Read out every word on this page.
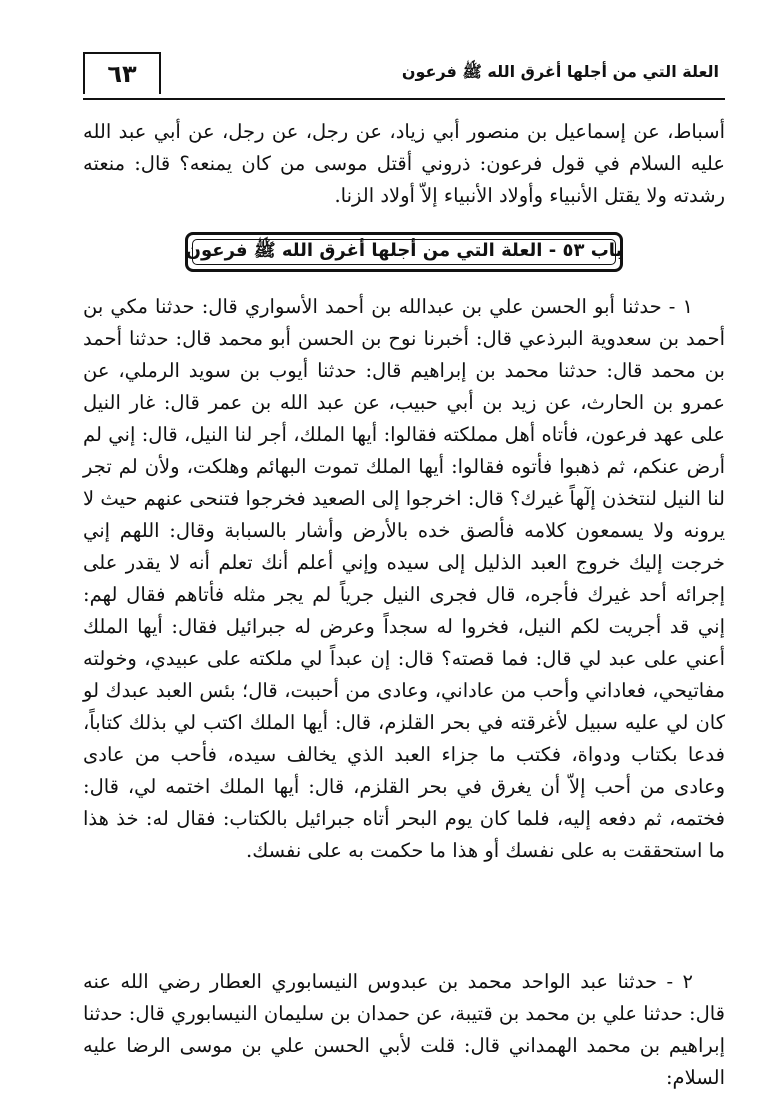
٦٣	العلة التي من أجلها أغرق الله ﷺ فرعون

أسباط، عن إسماعيل بن منصور أبي زياد، عن رجل، عن رجل، عن أبي عبد الله عليه السلام في قول فرعون: ذروني أقتل موسى من كان يمنعه؟ قال: منعته رشدته ولا يقتل الأنبياء وأولاد الأنبياء إلاّ أولاد الزنا.

باب ٥٣ - العلة التي من أجلها أغرق الله ﷺ فرعون

١ - حدثنا أبو الحسن علي بن عبدالله بن أحمد الأسواري قال: حدثنا مكي بن أحمد بن سعدوية البرذعي قال: أخبرنا نوح بن الحسن أبو محمد قال: حدثنا أحمد بن محمد قال: حدثنا محمد بن إبراهيم قال: حدثنا أيوب بن سويد الرملي، عن عمرو بن الحارث، عن زيد بن أبي حبيب، عن عبد الله بن عمر قال: غار النيل على عهد فرعون، فأتاه أهل مملكته فقالوا: أيها الملك، أجر لنا النيل، قال: إني لم أرض عنكم، ثم ذهبوا فأتوه فقالوا: أيها الملك تموت البهائم وهلكت، ولأن لم تجر لنا النيل لنتخذن إلٓهاً غيرك؟ قال: اخرجوا إلى الصعيد فخرجوا فتنحى عنهم حيث لا يرونه ولا يسمعون كلامه فألصق خده بالأرض وأشار بالسبابة وقال: اللهم إني خرجت إليك خروج العبد الذليل إلى سيده وإني أعلم أنك تعلم أنه لا يقدر على إجرائه أحد غيرك فأجره، قال فجرى النيل جرياً لم يجر مثله فأتاهم فقال لهم: إني قد أجريت لكم النيل، فخروا له سجداً وعرض له جبرائيل فقال: أيها الملك أعني على عبد لي قال: فما قصته؟ قال: إن عبداً لي ملكته على عبيدي، وخولته مفاتيحي، فعاداني وأحب من عاداني، وعادى من أحببت، قال؛ بئس العبد عبدك لو كان لي عليه سبيل لأغرقته في بحر القلزم، قال: أيها الملك اكتب لي بذلك كتاباً، فدعا بكتاب ودواة، فكتب ما جزاء العبد الذي يخالف سيده، فأحب من عادى وعادى من أحب إلاّ أن يغرق في بحر القلزم، قال: أيها الملك اختمه لي، قال: فختمه، ثم دفعه إليه، فلما كان يوم البحر أتاه جبرائيل بالكتاب: فقال له: خذ هذا ما استحققت به على نفسك أو هذا ما حكمت به على نفسك.

٢ - حدثنا عبد الواحد محمد بن عبدوس النيسابوري العطار رضي الله عنه قال: حدثنا علي بن محمد بن قتيبة، عن حمدان بن سليمان النيسابوري قال: حدثنا إبراهيم بن محمد الهمداني قال: قلت لأبي الحسن علي بن موسى الرضا عليه السلام:
